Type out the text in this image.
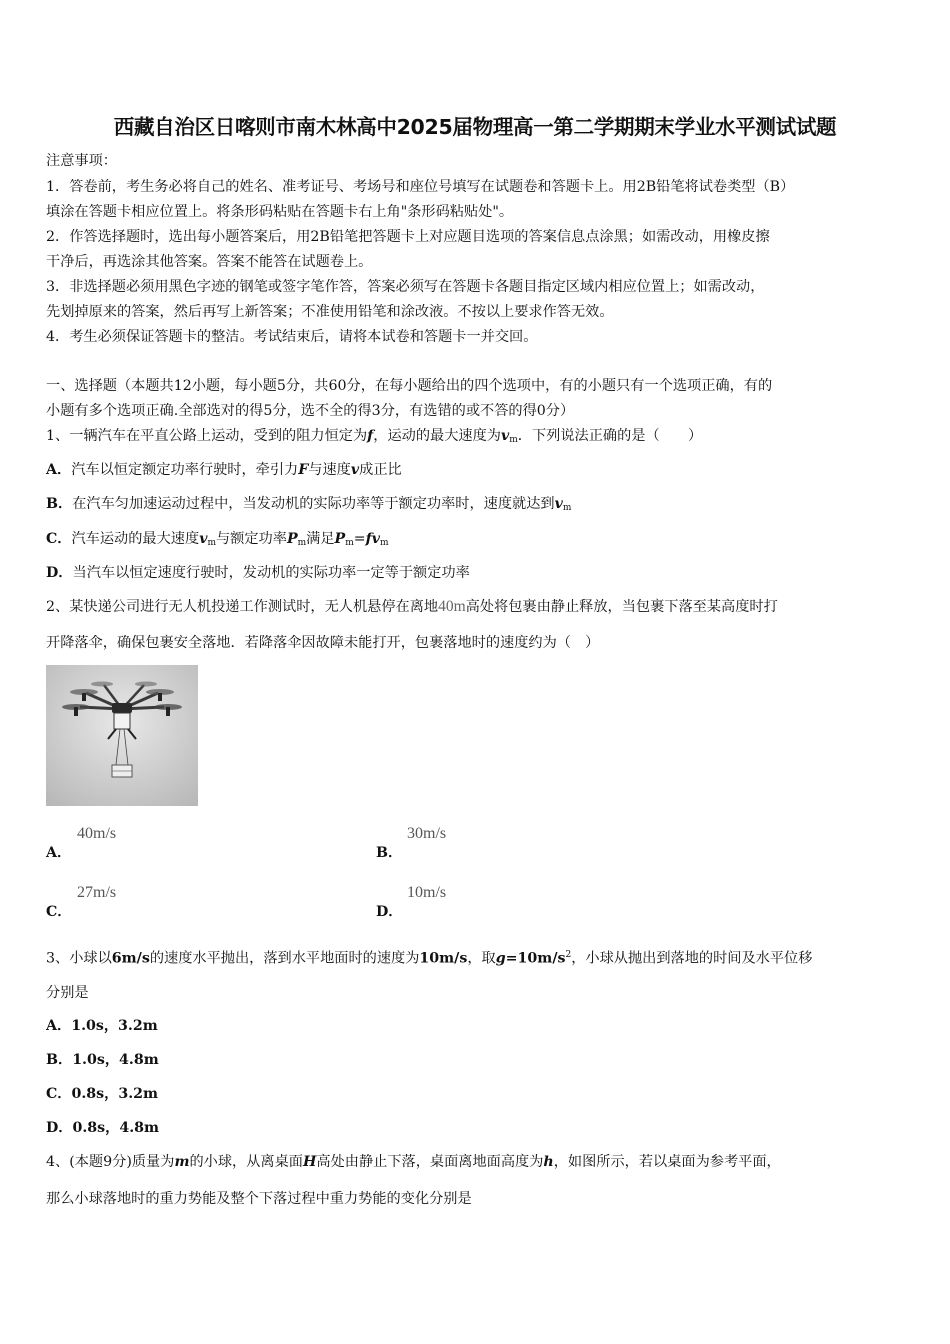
西藏自治区日喀则市南木林高中2025届物理高一第二学期期末学业水平测试试题
注意事项：
1．答卷前，考生务必将自己的姓名、准考证号、考场号和座位号填写在试题卷和答题卡上。用2B铅笔将试卷类型（B）
填涂在答题卡相应位置上。将条形码粘贴在答题卡右上角"条形码粘贴处"。
2．作答选择题时，选出每小题答案后，用2B铅笔把答题卡上对应题目选项的答案信息点涂黑；如需改动，用橡皮擦
干净后，再选涂其他答案。答案不能答在试题卷上。
3．非选择题必须用黑色字迹的钢笔或签字笔作答，答案必须写在答题卡各题目指定区域内相应位置上；如需改动，
先划掉原来的答案，然后再写上新答案；不准使用铅笔和涂改液。不按以上要求作答无效。
4．考生必须保证答题卡的整洁。考试结束后，请将本试卷和答题卡一并交回。
一、选择题（本题共12小题，每小题5分，共60分，在每小题给出的四个选项中，有的小题只有一个选项正确，有的
小题有多个选项正确.全部选对的得5分，选不全的得3分，有选错的或不答的得0分）
1、一辆汽车在平直公路上运动，受到的阻力恒定为f，运动的最大速度为$v_m$．下列说法正确的是（　　）
A．汽车以恒定额定功率行驶时，牵引力F与速度v成正比
B．在汽车匀加速运动过程中，当发动机的实际功率等于额定功率时，速度就达到$v_m$
C．汽车运动的最大速度$v_m$与额定功率$P_m$满足$P_m=fv_m$
D．当汽车以恒定速度行驶时，发动机的实际功率一定等于额定功率
2、某快递公司进行无人机投递工作测试时，无人机悬停在离地40m高处将包裹由静止释放，当包裹下落至某高度时打
开降落伞，确保包裹安全落地．若降落伞因故障未能打开，包裹落地时的速度约为（　）
A．
40m/s
B．
30m/s
C．
27m/s
D．
10m/s
3、小球以6m/s的速度水平抛出，落到水平地面时的速度为10m/s，取$g=10m/s^2$，小球从抛出到落地的时间及水平位移
分别是
A．1.0s，3.2m
B．1.0s，4.8m
C．0.8s，3.2m
D．0.8s，4.8m
4、(本题9分)质量为m的小球，从离桌面H高处由静止下落，桌面离地面高度为h，如图所示，若以桌面为参考平面，
那么小球落地时的重力势能及整个下落过程中重力势能的变化分别是
